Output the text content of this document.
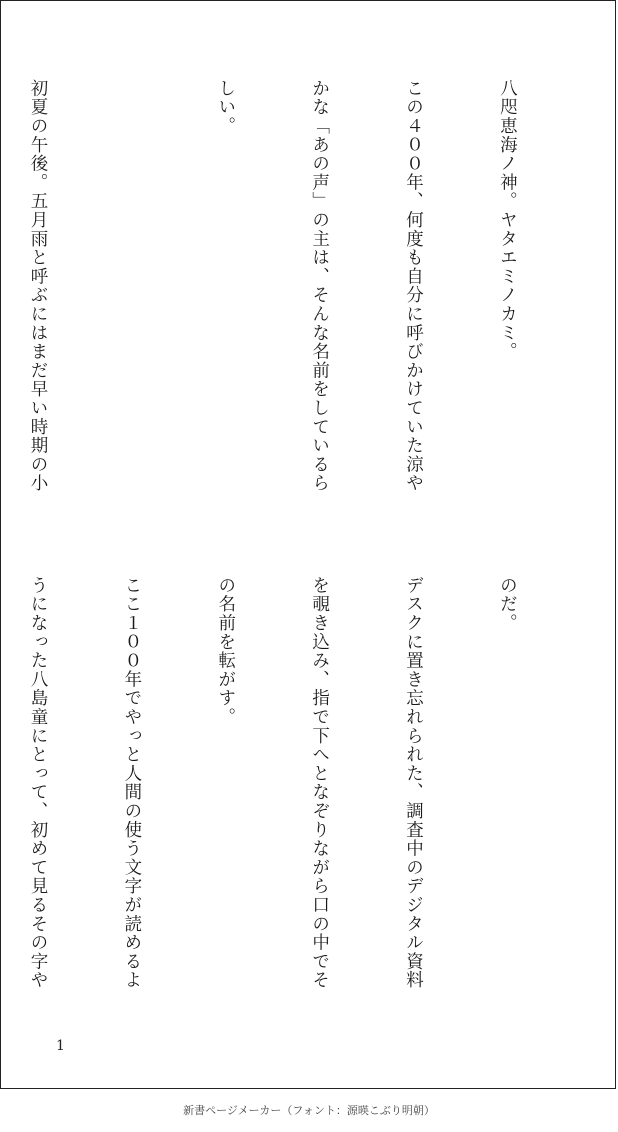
八咫恵海ノ神。ヤタエミノカミ。

この４００年、何度も自分に呼びかけていた涼や

かな「あの声」の主は、そんな名前をしているら

しい。

初夏の午後。五月雨と呼ぶにはまだ早い時期の小

のだ。

デスクに置き忘れられた、調査中のデジタル資料

を覗き込み、指で下へとなぞりながら口の中でそ

の名前を転がす。

ここ１００年でやっと人間の使う文字が読めるよ

うになった八島童にとって、初めて見るその字や

1
新書ページメーカー（フォント：源暎こぶり明朝）
